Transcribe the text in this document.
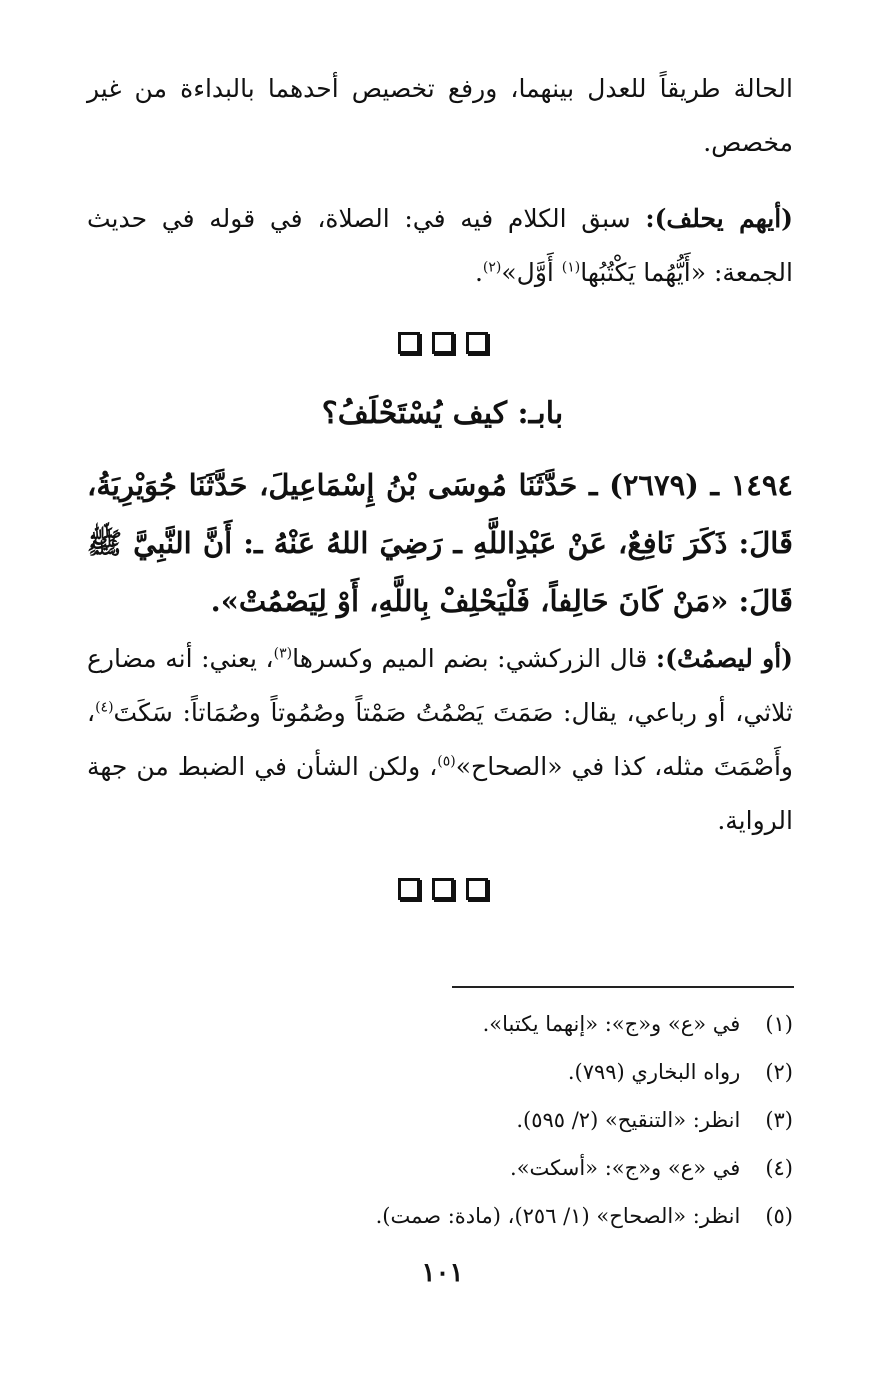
الحالة طريقاً للعدل بينهما، ورفع تخصيص أحدهما بالبداءة من غير مخصص.

(أيهم يحلف): سبق الكلام فيه في: الصلاة، في قوله في حديث الجمعة: «أَيُّهُما يَكْتُبُها$^{(١)}$ أَوَّل»$^{(٢)}$.

بابـ: كيف يُسْتَحْلَفُ؟

١٤٩٤ ـ (٢٦٧٩) ـ حَدَّثَنَا مُوسَى بْنُ إِسْمَاعِيلَ، حَدَّثَنَا جُوَيْرِيَةُ، قَالَ: ذَكَرَ نَافِعٌ، عَنْ عَبْدِاللَّهِ ـ رَضِيَ اللهُ عَنْهُ ـ: أَنَّ النَّبِيَّ ﷺ قَالَ: «مَنْ كَانَ حَالِفاً، فَلْيَحْلِفْ بِاللَّهِ، أَوْ لِيَصْمُتْ».

(أو ليصمُتْ): قال الزركشي: بضم الميم وكسرها$^{(٣)}$، يعني: أنه مضارع ثلاثي، أو رباعي، يقال: صَمَتَ يَصْمُتُ صَمْتاً وصُمُوتاً وصُمَاتاً: سَكَتَ$^{(٤)}$، وأَصْمَتَ مثله، كذا في «الصحاح»$^{(٥)}$، ولكن الشأن في الضبط من جهة الرواية.

(١) في «ع» و«ج»: «إنهما يكتبا».
(٢) رواه البخاري (٧٩٩).
(٣) انظر: «التنقيح» (٢/ ٥٩٥).
(٤) في «ع» و«ج»: «أسكت».
(٥) انظر: «الصحاح» (١/ ٢٥٦)، (مادة: صمت).
١٠١
